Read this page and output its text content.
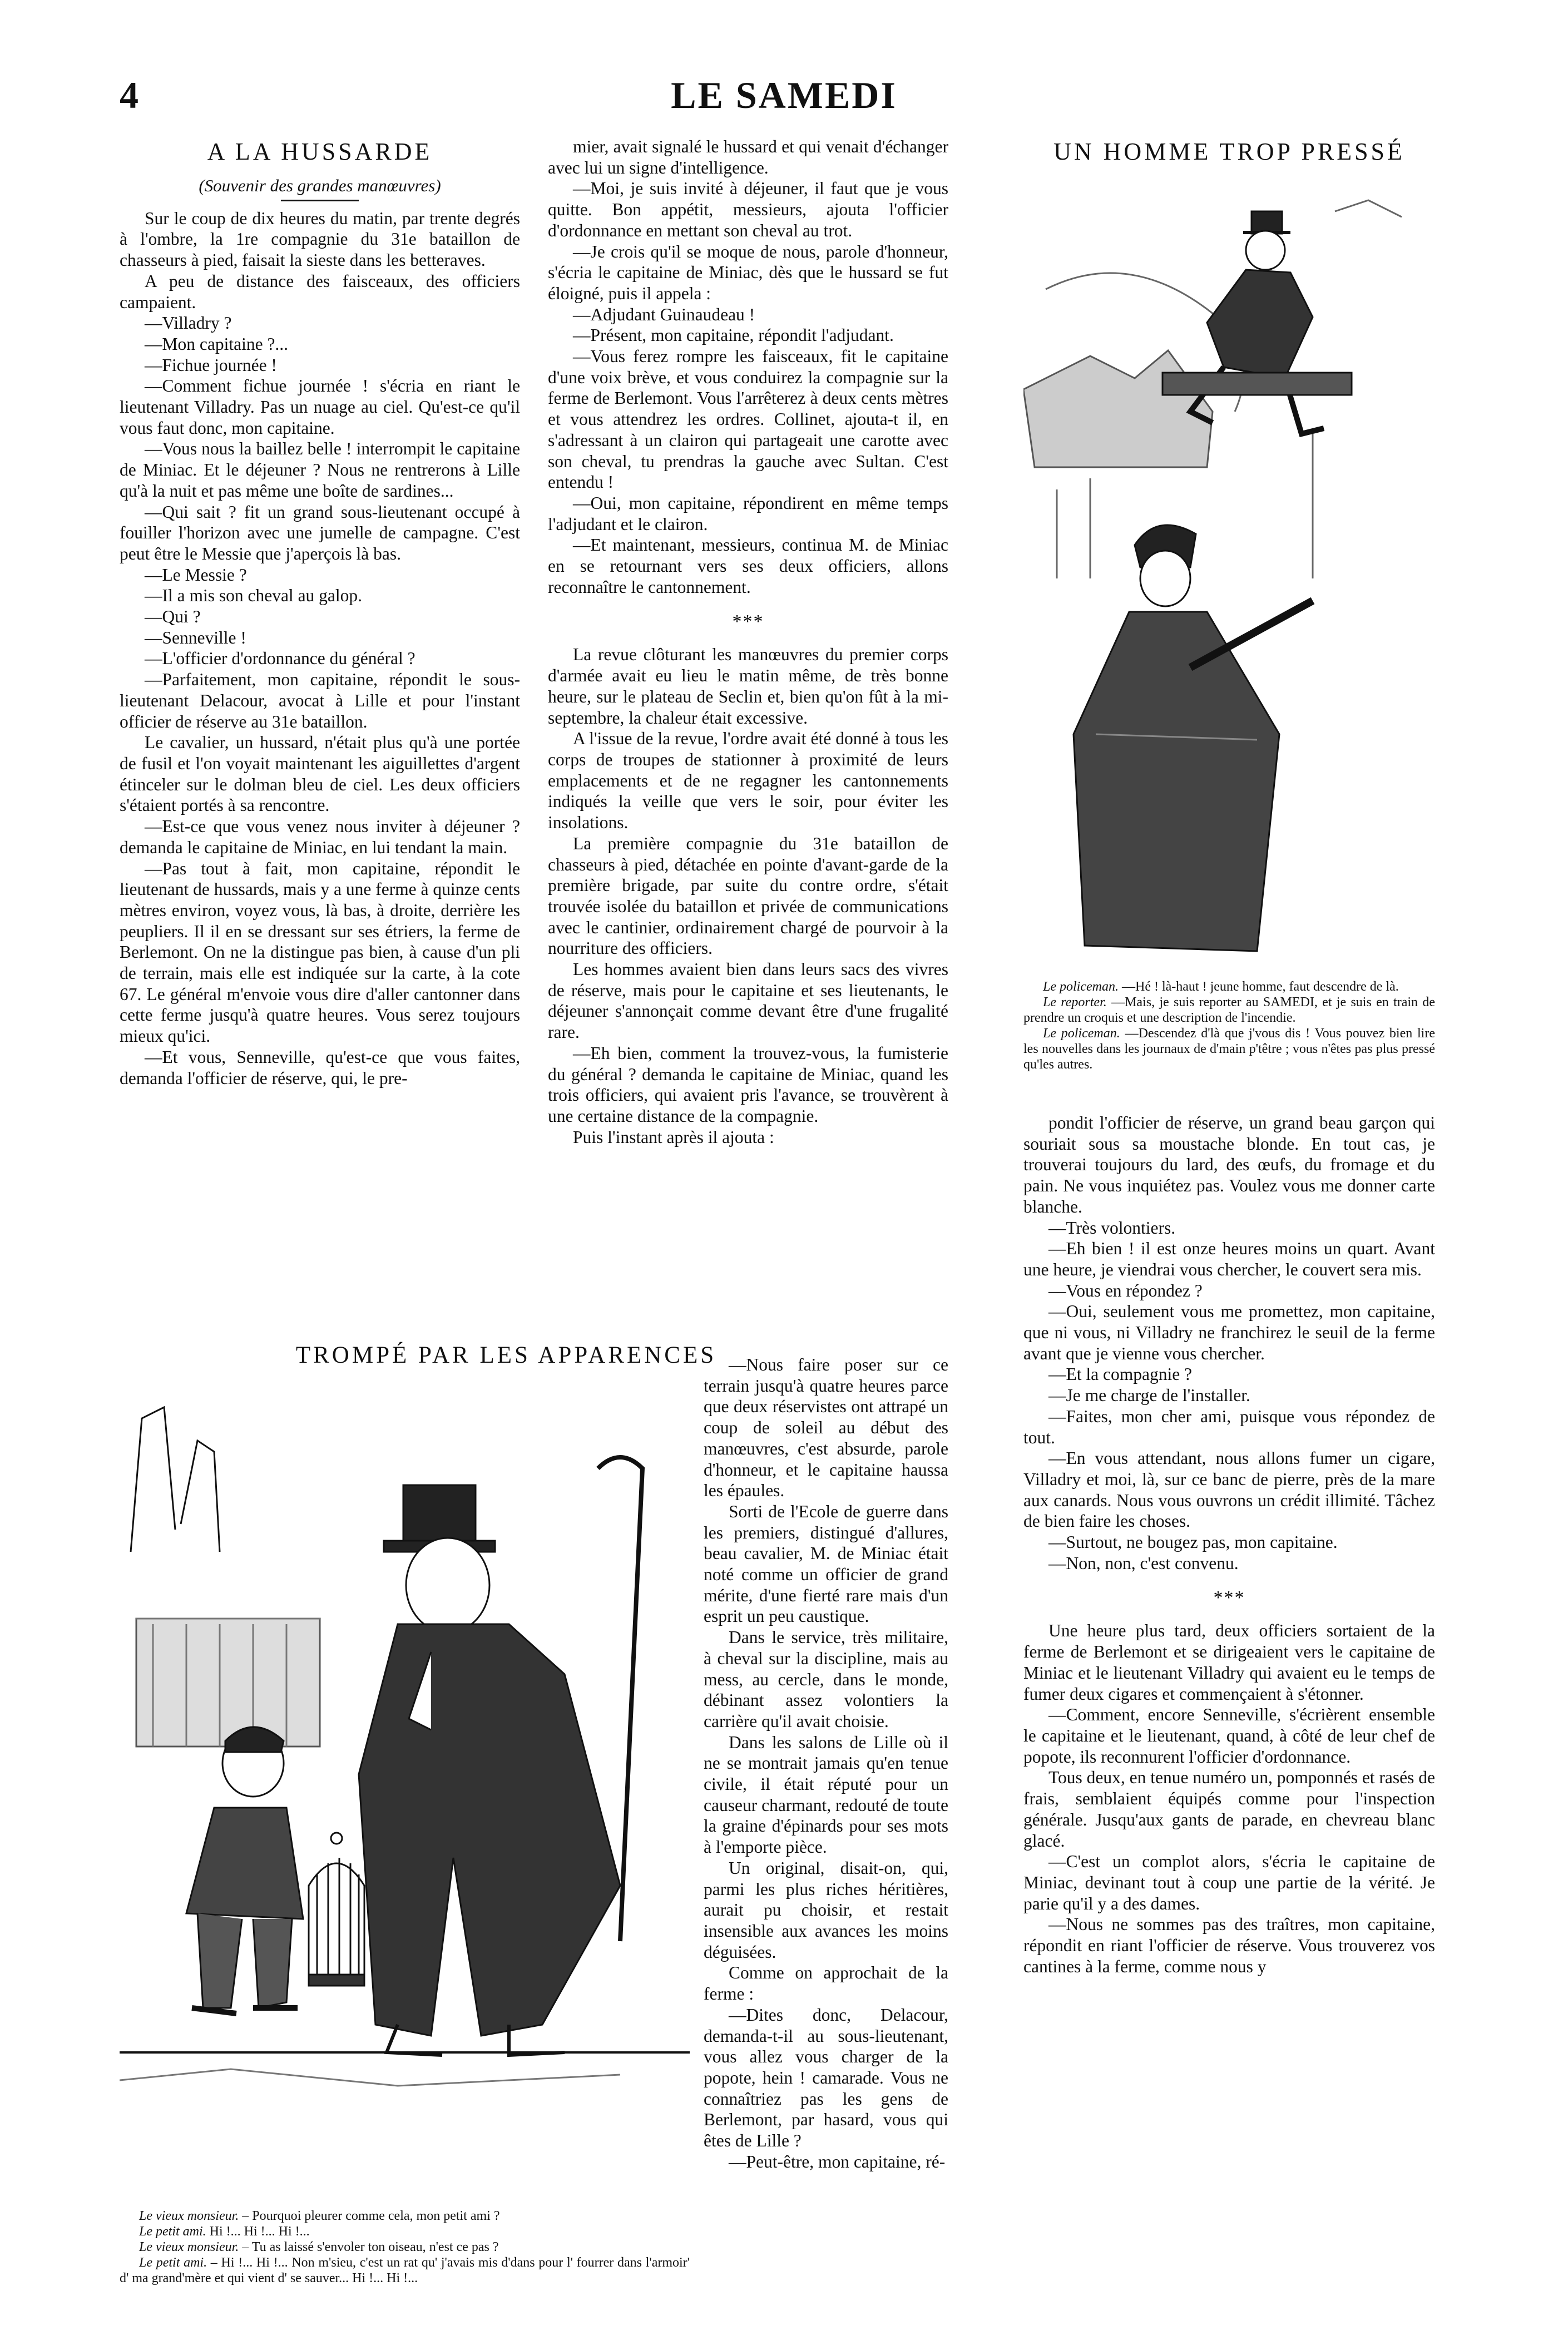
4	LE SAMEDI

A LA HUSSARDE

(Souvenir des grandes manœuvres)

Sur le coup de dix heures du matin, par trente degrés à l'ombre, la 1re compagnie du 31e bataillon de chasseurs à pied, faisait la sieste dans les betteraves.

A peu de distance des faisceaux, des officiers campaient.

—Villadry ?

—Mon capitaine ?...

—Fichue journée !

—Comment fichue journée ! s'écria en riant le lieutenant Villadry. Pas un nuage au ciel. Qu'est-ce qu'il vous faut donc, mon capitaine.

—Vous nous la baillez belle ! interrompit le capitaine de Miniac. Et le déjeuner ? Nous ne rentrerons à Lille qu'à la nuit et pas même une boîte de sardines...

—Qui sait ? fit un grand sous-lieutenant occupé à fouiller l'horizon avec une jumelle de campagne. C'est peut être le Messie que j'aperçois là bas.

—Le Messie ?

—Il a mis son cheval au galop.

—Qui ?

—Senneville !

—L'officier d'ordonnance du général ?

—Parfaitement, mon capitaine, répondit le sous-lieutenant Delacour, avocat à Lille et pour l'instant officier de réserve au 31e bataillon.

Le cavalier, un hussard, n'était plus qu'à une portée de fusil et l'on voyait maintenant les aiguillettes d'argent étinceler sur le dolman bleu de ciel. Les deux officiers s'étaient portés à sa rencontre.

—Est-ce que vous venez nous inviter à déjeuner ? demanda le capitaine de Miniac, en lui tendant la main.

—Pas tout à fait, mon capitaine, répondit le lieutenant de hussards, mais y a une ferme à quinze cents mètres environ, voyez vous, là bas, à droite, derrière les peupliers. Il il en se dressant sur ses étriers, la ferme de Berlemont. On ne la distingue pas bien, à cause d'un pli de terrain, mais elle est indiquée sur la carte, à la cote 67. Le général m'envoie vous dire d'aller cantonner dans cette ferme jusqu'à quatre heures. Vous serez toujours mieux qu'ici.

—Et vous, Senneville, qu'est-ce que vous faites, demanda l'officier de réserve, qui, le pre-

mier, avait signalé le hussard et qui venait d'échanger avec lui un signe d'intelligence.

—Moi, je suis invité à déjeuner, il faut que je vous quitte. Bon appétit, messieurs, ajouta l'officier d'ordonnance en mettant son cheval au trot.

—Je crois qu'il se moque de nous, parole d'honneur, s'écria le capitaine de Miniac, dès que le hussard se fut éloigné, puis il appela :

—Adjudant Guinaudeau !

—Présent, mon capitaine, répondit l'adjudant.

—Vous ferez rompre les faisceaux, fit le capitaine d'une voix brève, et vous conduirez la compagnie sur la ferme de Berlemont. Vous l'arrêterez à deux cents mètres et vous attendrez les ordres. Collinet, ajouta-t il, en s'adressant à un clairon qui partageait une carotte avec son cheval, tu prendras la gauche avec Sultan. C'est entendu !

—Oui, mon capitaine, répondirent en même temps l'adjudant et le clairon.

—Et maintenant, messieurs, continua M. de Miniac en se retournant vers ses deux officiers, allons reconnaître le cantonnement.

***

La revue clôturant les manœuvres du premier corps d'armée avait eu lieu le matin même, de très bonne heure, sur le plateau de Seclin et, bien qu'on fût à la mi-septembre, la chaleur était excessive.

A l'issue de la revue, l'ordre avait été donné à tous les corps de troupes de stationner à proximité de leurs emplacements et de ne regagner les cantonnements indiqués la veille que vers le soir, pour éviter les insolations.

La première compagnie du 31e bataillon de chasseurs à pied, détachée en pointe d'avant-garde de la première brigade, par suite du contre ordre, s'était trouvée isolée du bataillon et privée de communications avec le cantinier, ordinairement chargé de pourvoir à la nourriture des officiers.

Les hommes avaient bien dans leurs sacs des vivres de réserve, mais pour le capitaine et ses lieutenants, le déjeuner s'annonçait comme devant être d'une frugalité rare.

—Eh bien, comment la trouvez-vous, la fumisterie du général ? demanda le capitaine de Miniac, quand les trois officiers, qui avaient pris l'avance, se trouvèrent à une certaine distance de la compagnie.

Puis l'instant après il ajouta :

TROMPÉ PAR LES APPARENCES

Le vieux monsieur. – Pourquoi pleurer comme cela, mon petit ami ?

Le petit ami. Hi !... Hi !... Hi !...

Le vieux monsieur. – Tu as laissé s'envoler ton oiseau, n'est ce pas ?

Le petit ami. – Hi !... Hi !... Non m'sieu, c'est un rat qu' j'avais mis d'dans pour l' fourrer dans l'armoir' d' ma grand'mère et qui vient d' se sauver... Hi !... Hi !...

—Nous faire poser sur ce terrain jusqu'à quatre heures parce que deux réservistes ont attrapé un coup de soleil au début des manœuvres, c'est absurde, parole d'honneur, et le capitaine haussa les épaules.

Sorti de l'Ecole de guerre dans les premiers, distingué d'allures, beau cavalier, M. de Miniac était noté comme un officier de grand mérite, d'une fierté rare mais d'un esprit un peu caustique.

Dans le service, très militaire, à cheval sur la discipline, mais au mess, au cercle, dans le monde, débinant assez volontiers la carrière qu'il avait choisie.

Dans les salons de Lille où il ne se montrait jamais qu'en tenue civile, il était réputé pour un causeur charmant, redouté de toute la graine d'épinards pour ses mots à l'emporte pièce.

Un original, disait-on, qui, parmi les plus riches héritières, aurait pu choisir, et restait insensible aux avances les moins déguisées.

Comme on approchait de la ferme :

—Dites donc, Delacour, demanda-t-il au sous-lieutenant, vous allez vous charger de la popote, hein ! camarade. Vous ne connaîtriez pas les gens de Berlemont, par hasard, vous qui êtes de Lille ?

—Peut-être, mon capitaine, ré-

UN HOMME TROP PRESSÉ

Le policeman. —Hé ! là-haut ! jeune homme, faut descendre de là.

Le reporter. —Mais, je suis reporter au SAMEDI, et je suis en train de prendre un croquis et une description de l'incendie.

Le policeman. —Descendez d'là que j'vous dis ! Vous pouvez bien lire les nouvelles dans les journaux de d'main p'têtre ; vous n'êtes pas plus pressé qu'les autres.

pondit l'officier de réserve, un grand beau garçon qui souriait sous sa moustache blonde. En tout cas, je trouverai toujours du lard, des œufs, du fromage et du pain. Ne vous inquiétez pas. Voulez vous me donner carte blanche.

—Très volontiers.

—Eh bien ! il est onze heures moins un quart. Avant une heure, je viendrai vous chercher, le couvert sera mis.

—Vous en répondez ?

—Oui, seulement vous me promettez, mon capitaine, que ni vous, ni Villadry ne franchirez le seuil de la ferme avant que je vienne vous chercher.

—Et la compagnie ?

—Je me charge de l'installer.

—Faites, mon cher ami, puisque vous répondez de tout.

—En vous attendant, nous allons fumer un cigare, Villadry et moi, là, sur ce banc de pierre, près de la mare aux canards. Nous vous ouvrons un crédit illimité. Tâchez de bien faire les choses.

—Surtout, ne bougez pas, mon capitaine.

—Non, non, c'est convenu.

***

Une heure plus tard, deux officiers sortaient de la ferme de Berlemont et se dirigeaient vers le capitaine de Miniac et le lieutenant Villadry qui avaient eu le temps de fumer deux cigares et commençaient à s'étonner.

—Comment, encore Senneville, s'écrièrent ensemble le capitaine et le lieutenant, quand, à côté de leur chef de popote, ils reconnurent l'officier d'ordonnance.

Tous deux, en tenue numéro un, pomponnés et rasés de frais, semblaient équipés comme pour l'inspection générale. Jusqu'aux gants de parade, en chevreau blanc glacé.

—C'est un complot alors, s'écria le capitaine de Miniac, devinant tout à coup une partie de la vérité. Je parie qu'il y a des dames.

—Nous ne sommes pas des traîtres, mon capitaine, répondit en riant l'officier de réserve. Vous trouverez vos cantines à la ferme, comme nous y
